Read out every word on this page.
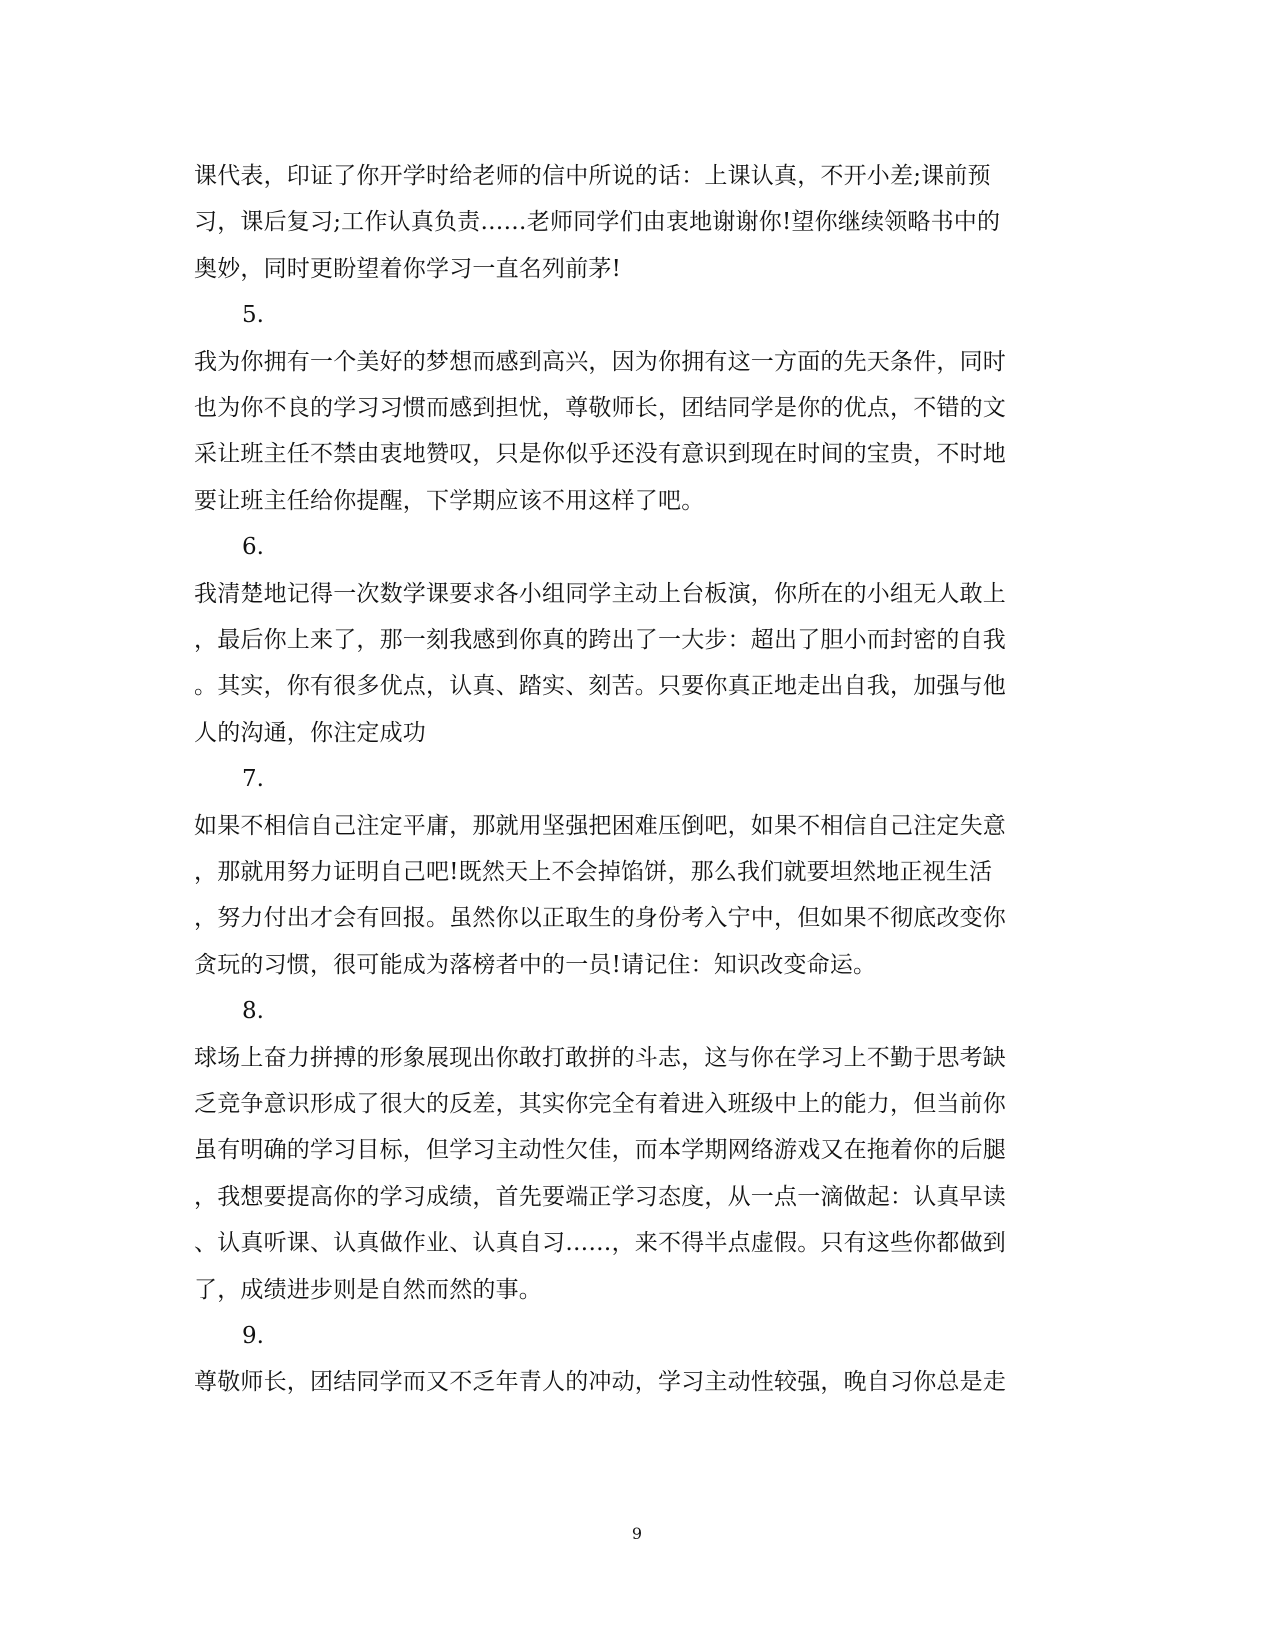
课代表，印证了你开学时给老师的信中所说的话：上课认真，不开小差;课前预
习，课后复习;工作认真负责……老师同学们由衷地谢谢你!望你继续领略书中的
奥妙，同时更盼望着你学习一直名列前茅!
5.
我为你拥有一个美好的梦想而感到高兴，因为你拥有这一方面的先天条件，同时
也为你不良的学习习惯而感到担忧，尊敬师长，团结同学是你的优点，不错的文
采让班主任不禁由衷地赞叹，只是你似乎还没有意识到现在时间的宝贵，不时地
要让班主任给你提醒，下学期应该不用这样了吧。
6.
我清楚地记得一次数学课要求各小组同学主动上台板演，你所在的小组无人敢上
，最后你上来了，那一刻我感到你真的跨出了一大步：超出了胆小而封密的自我
。其实，你有很多优点，认真、踏实、刻苦。只要你真正地走出自我，加强与他
人的沟通，你注定成功
7.
如果不相信自己注定平庸，那就用坚强把困难压倒吧，如果不相信自己注定失意
，那就用努力证明自己吧!既然天上不会掉馅饼，那么我们就要坦然地正视生活
，努力付出才会有回报。虽然你以正取生的身份考入宁中，但如果不彻底改变你
贪玩的习惯，很可能成为落榜者中的一员!请记住：知识改变命运。
8.
球场上奋力拼搏的形象展现出你敢打敢拼的斗志，这与你在学习上不勤于思考缺
乏竞争意识形成了很大的反差，其实你完全有着进入班级中上的能力，但当前你
虽有明确的学习目标，但学习主动性欠佳，而本学期网络游戏又在拖着你的后腿
，我想要提高你的学习成绩，首先要端正学习态度，从一点一滴做起：认真早读
、认真听课、认真做作业、认真自习……，来不得半点虚假。只有这些你都做到
了，成绩进步则是自然而然的事。
9.
尊敬师长，团结同学而又不乏年青人的冲动，学习主动性较强，晚自习你总是走
9
